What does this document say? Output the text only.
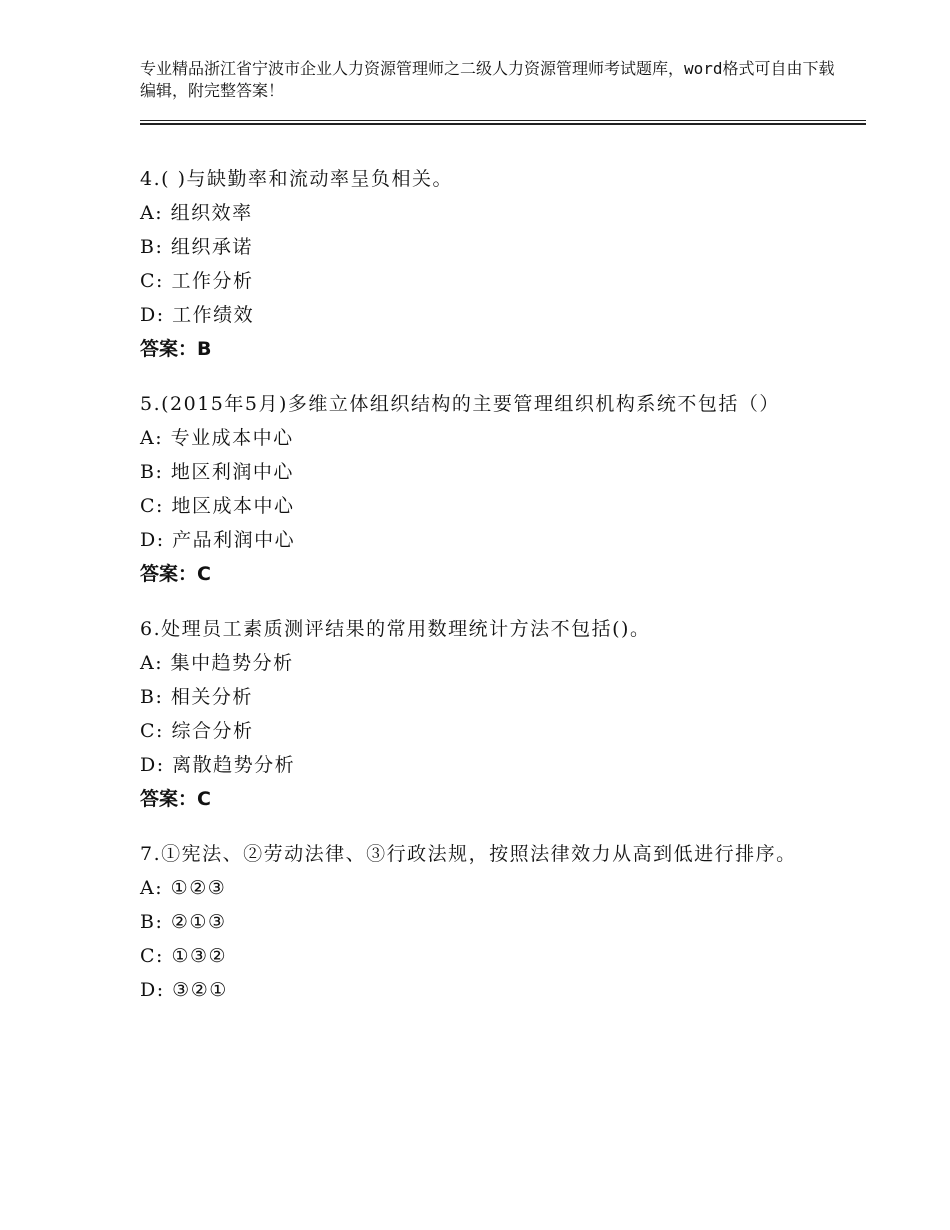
专业精品浙江省宁波市企业人力资源管理师之二级人力资源管理师考试题库，word格式可自由下载编辑，附完整答案！
4.( )与缺勤率和流动率呈负相关。
A: 组织效率
B: 组织承诺
C: 工作分析
D: 工作绩效
答案：B
5.(2015年5月)多维立体组织结构的主要管理组织机构系统不包括（）
A: 专业成本中心
B: 地区利润中心
C: 地区成本中心
D: 产品利润中心
答案：C
6.处理员工素质测评结果的常用数理统计方法不包括()。
A: 集中趋势分析
B: 相关分析
C: 综合分析
D: 离散趋势分析
答案：C
7.①宪法、②劳动法律、③行政法规，按照法律效力从高到低进行排序。
A: ①②③
B: ②①③
C: ①③②
D: ③②①
